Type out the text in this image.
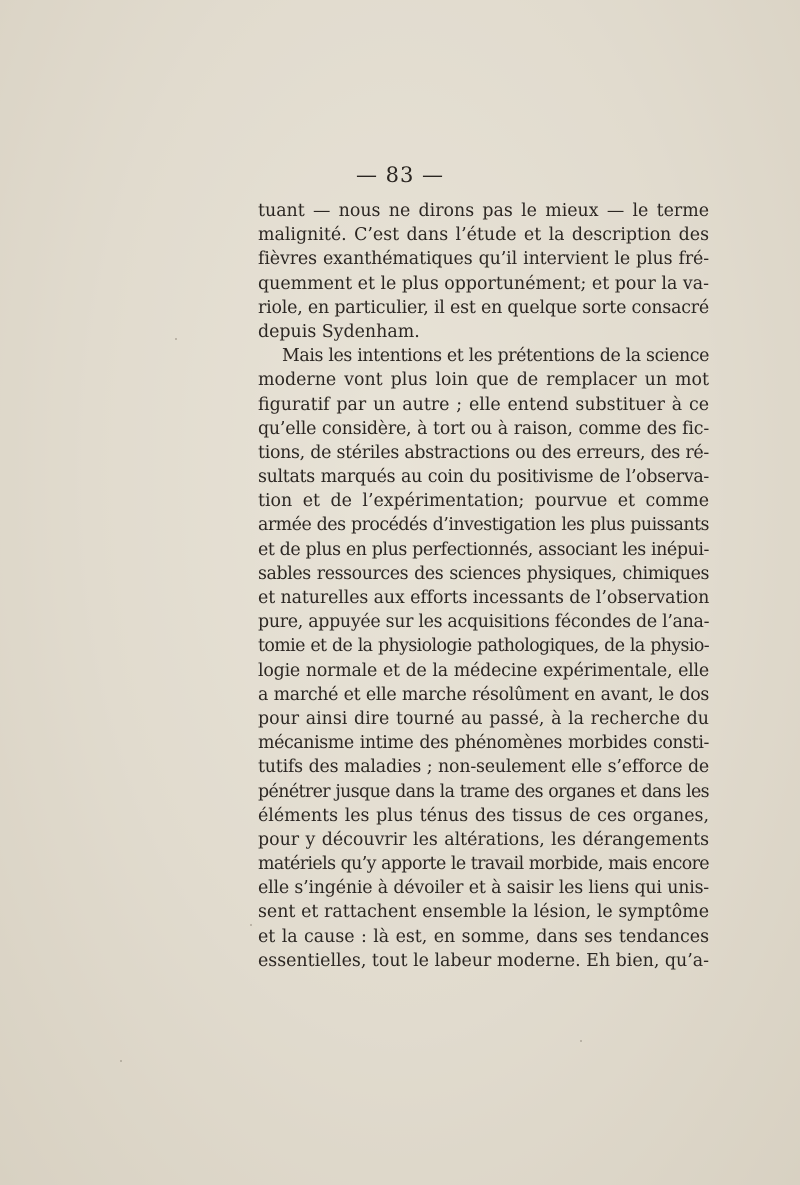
— 83 —
tuant — nous ne dirons pas le mieux — le terme
malignité. C’est dans l’étude et la description des
fièvres exanthématiques qu’il intervient le plus fré-
quemment et le plus opportunément; et pour la va-
riole, en particulier, il est en quelque sorte consacré
depuis Sydenham.
Mais les intentions et les prétentions de la science
moderne vont plus loin que de remplacer un mot
figuratif par un autre ; elle entend substituer à ce
qu’elle considère, à tort ou à raison, comme des fic-
tions, de stériles abstractions ou des erreurs, des ré-
sultats marqués au coin du positivisme de l’observa-
tion et de l’expérimentation; pourvue et comme
armée des procédés d’investigation les plus puissants
et de plus en plus perfectionnés, associant les inépui-
sables ressources des sciences physiques, chimiques
et naturelles aux efforts incessants de l’observation
pure, appuyée sur les acquisitions fécondes de l’ana-
tomie et de la physiologie pathologiques, de la physio-
logie normale et de la médecine expérimentale, elle
a marché et elle marche résolûment en avant, le dos
pour ainsi dire tourné au passé, à la recherche du
mécanisme intime des phénomènes morbides consti-
tutifs des maladies ; non-seulement elle s’efforce de
pénétrer jusque dans la trame des organes et dans les
éléments les plus ténus des tissus de ces organes,
pour y découvrir les altérations, les dérangements
matériels qu’y apporte le travail morbide, mais encore
elle s’ingénie à dévoiler et à saisir les liens qui unis-
sent et rattachent ensemble la lésion, le symptôme
et la cause : là est, en somme, dans ses tendances
essentielles, tout le labeur moderne. Eh bien, qu’a-
